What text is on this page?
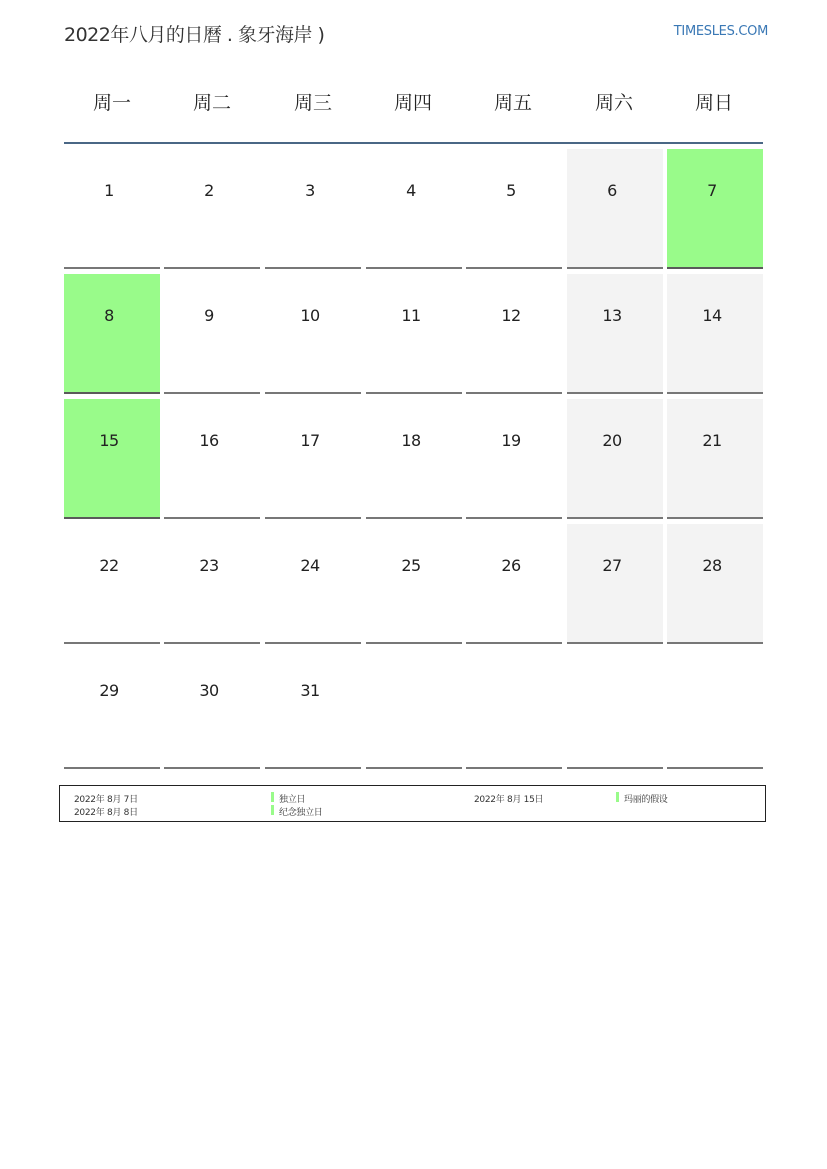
2022年八月的日曆 . 象牙海岸 )	TIMESLES.COM
周一	周二	周三	周四	周五	周六	周日
1	2	3	4	5	6	7
8	9	10	11	12	13	14
15	16	17	18	19	20	21
22	23	24	25	26	27	28
29	30	31
2022年 8月 7日	独立日
2022年 8月 8日	纪念独立日
2022年 8月 15日	玛丽的假设
